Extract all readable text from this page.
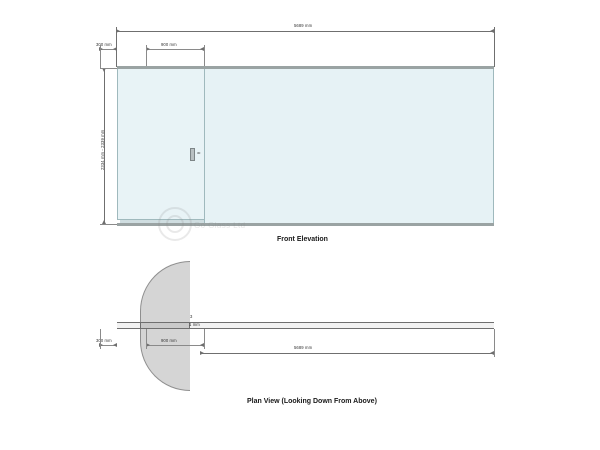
5689 mm
300 mm	900 mm
2334 mm - 2339 mm	30
Front Elevation
3
1 mm
300 mm	900 mm
5689 mm
Plan View (Looking Down From Above)
